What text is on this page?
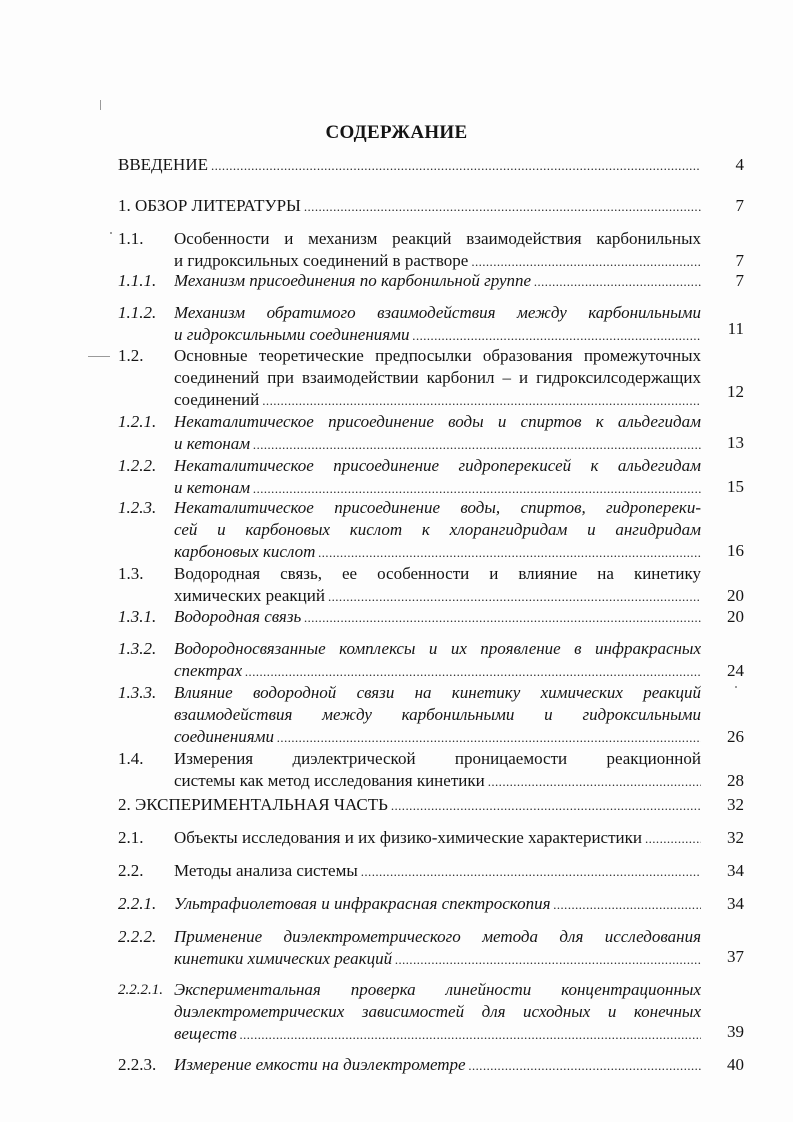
СОДЕРЖАНИЕ
ВВЕДЕНИЕ .....	4
1. ОБЗОР ЛИТЕРАТУРЫ .....	7
1.1. Особенности и механизм реакций взаимодействия карбонильных
и гидроксильных соединений в растворе .....	7
1.1.1. Механизм присоединения по карбонильной группе .....	7
1.1.2. Механизм обратимого взаимодействия между карбонильными
и гидроксильными соединениями .....	11
1.2. Основные теоретические предпосылки образования промежуточных
соединений при взаимодействии карбонил – и гидроксилсодержащих
соединений .....	12
1.2.1. Некаталитическое присоединение воды и спиртов к альдегидам
и кетонам .....	13
1.2.2. Некаталитическое присоединение гидроперекисей к альдегидам
и кетонам .....	15
1.2.3. Некаталитическое присоединение воды, спиртов, гидропереки-
сей и карбоновых кислот к хлорангидридам и ангидридам
карбоновых кислот .....	16
1.3. Водородная связь, ее особенности и влияние на кинетику
химических реакций .....	20
1.3.1. Водородная связь .....	20
1.3.2. Водородносвязанные комплексы и их проявление в инфракрасных
спектрах .....	24
1.3.3. Влияние водородной связи на кинетику химических реакций
взаимодействия между карбонильными и гидроксильными
соединениями .....	26
1.4. Измерения диэлектрической проницаемости реакционной
системы как метод исследования кинетики .....	28
2. ЭКСПЕРИМЕНТАЛЬНАЯ ЧАСТЬ .....	32
2.1. Объекты исследования и их физико-химические характеристики .....	32
2.2. Методы анализа системы .....	34
2.2.1. Ультрафиолетовая и инфракрасная спектроскопия .....	34
2.2.2. Применение диэлектрометрического метода для исследования
кинетики химических реакций .....	37
2.2.2.1. Экспериментальная проверка линейности концентрационных
диэлектрометрических зависимостей для исходных и конечных
веществ .....	39
2.2.3. Измерение емкости на диэлектрометре .....	40
